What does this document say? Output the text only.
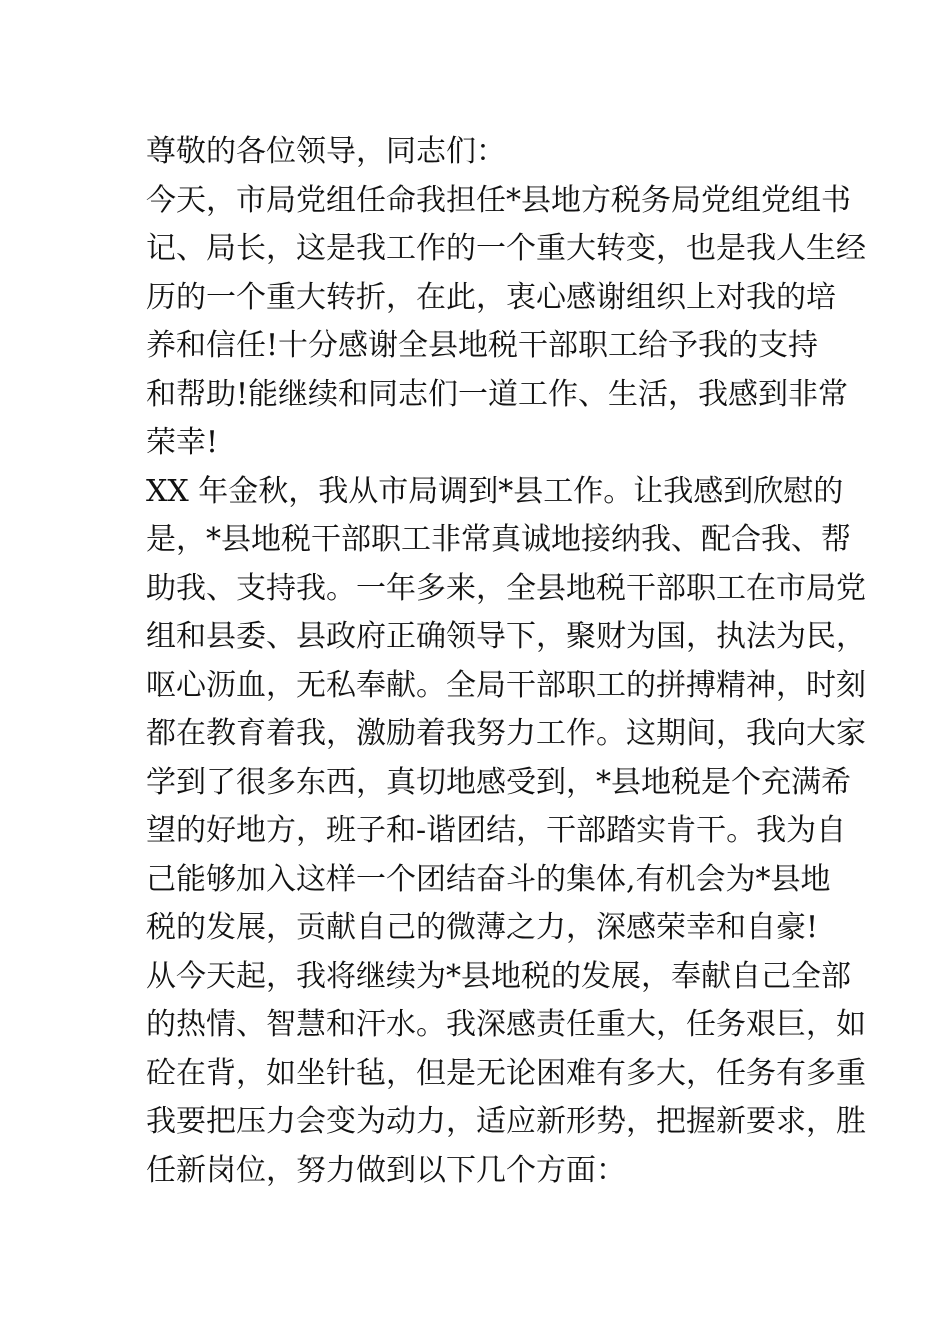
尊敬的各位领导，同志们：
今天，市局党组任命我担任*县地方税务局党组党组书
记、局长，这是我工作的一个重大转变，也是我人生经
历的一个重大转折，在此，衷心感谢组织上对我的培
养和信任!十分感谢全县地税干部职工给予我的支持
和帮助!能继续和同志们一道工作、生活，我感到非常
荣幸!
XX 年金秋，我从市局调到*县工作。让我感到欣慰的
是，*县地税干部职工非常真诚地接纳我、配合我、帮
助我、支持我。一年多来，全县地税干部职工在市局党
组和县委、县政府正确领导下，聚财为国，执法为民，
呕心沥血，无私奉献。全局干部职工的拼搏精神，时刻
都在教育着我，激励着我努力工作。这期间，我向大家
学到了很多东西，真切地感受到，*县地税是个充满希
望的好地方，班子和-谐团结，干部踏实肯干。我为自
己能够加入这样一个团结奋斗的集体,有机会为*县地
税的发展，贡献自己的微薄之力，深感荣幸和自豪!
从今天起，我将继续为*县地税的发展，奉献自己全部
的热情、智慧和汗水。我深感责任重大，任务艰巨，如
砼在背，如坐针毡，但是无论困难有多大，任务有多重
我要把压力会变为动力，适应新形势，把握新要求，胜
任新岗位，努力做到以下几个方面：
